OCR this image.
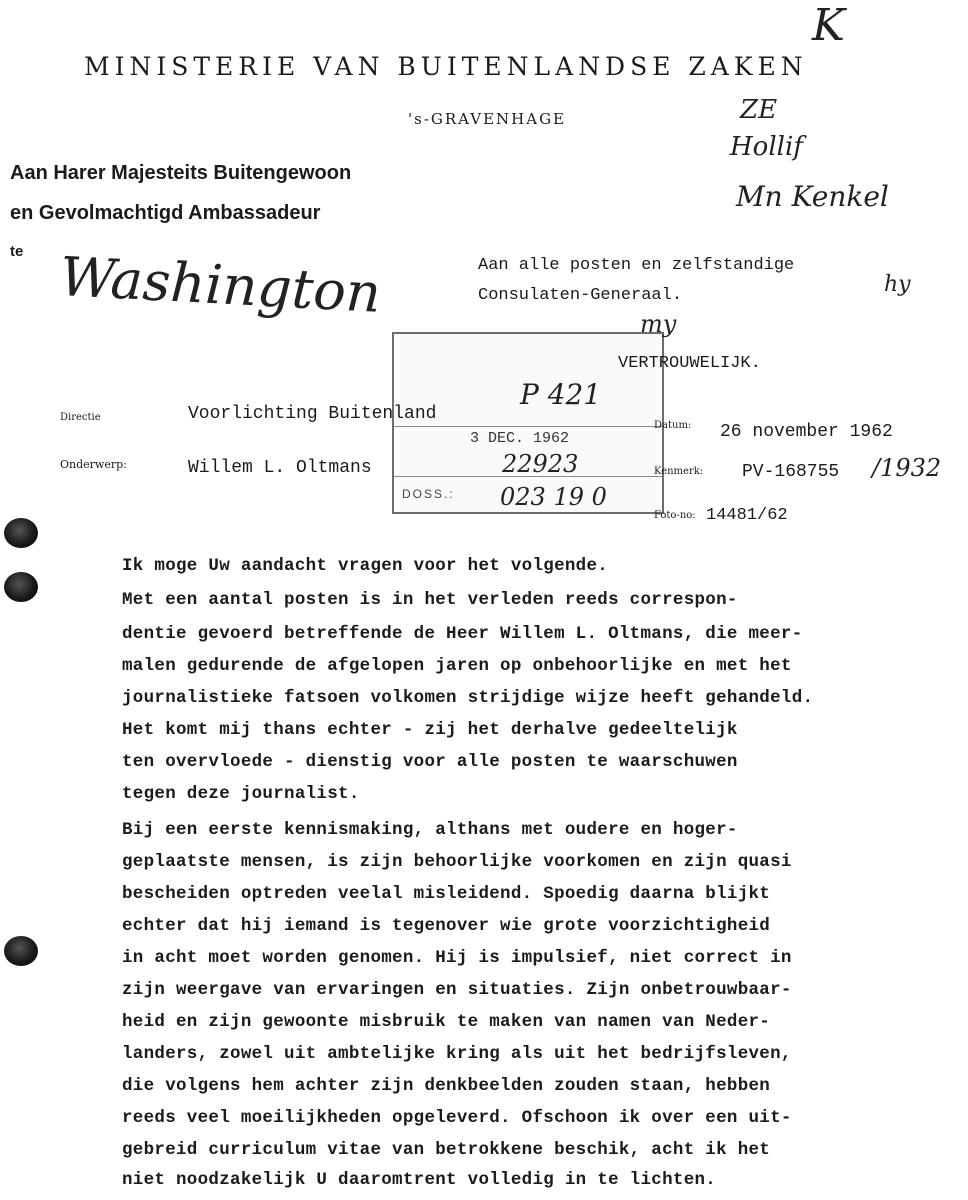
MINISTERIE VAN BUITENLANDSE ZAKEN
's-GRAVENHAGE
Aan Harer Majesteits Buitengewoon
en Gevolmachtigd Ambassadeur
te Washington	Aan alle posten en zelfstandige
Consulaten-Generaal.
P 421
3 DEC. 1962
22923
DOSS.: 023 19 0
VERTROUWELIJK.
Directie	Voorlichting Buitenland
Onderwerp:	Willem L. Oltmans
Datum: 26 november 1962
Kenmerk: PV-168755 /1932
Foto-no: 14481/62
K
ZE
Hollif
Mn Kenkel
hy
my
Ik moge Uw aandacht vragen voor het volgende.
Met een aantal posten is in het verleden reeds correspon-
dentie gevoerd betreffende de Heer Willem L. Oltmans, die meer-
malen gedurende de afgelopen jaren op onbehoorlijke en met het
journalistieke fatsoen volkomen strijdige wijze heeft gehandeld.
Het komt mij thans echter - zij het derhalve gedeeltelijk
ten overvloede - dienstig voor alle posten te waarschuwen
tegen deze journalist.
Bij een eerste kennismaking, althans met oudere en hoger-
geplaatste mensen, is zijn behoorlijke voorkomen en zijn quasi
bescheiden optreden veelal misleidend. Spoedig daarna blijkt
echter dat hij iemand is tegenover wie grote voorzichtigheid
in acht moet worden genomen. Hij is impulsief, niet correct in
zijn weergave van ervaringen en situaties. Zijn onbetrouwbaar-
heid en zijn gewoonte misbruik te maken van namen van Neder-
landers, zowel uit ambtelijke kring als uit het bedrijfsleven,
die volgens hem achter zijn denkbeelden zouden staan, hebben
reeds veel moeilijkheden opgeleverd. Ofschoon ik over een uit-
gebreid curriculum vitae van betrokkene beschik, acht ik het
niet noodzakelijk U daaromtrent volledig in te lichten.
